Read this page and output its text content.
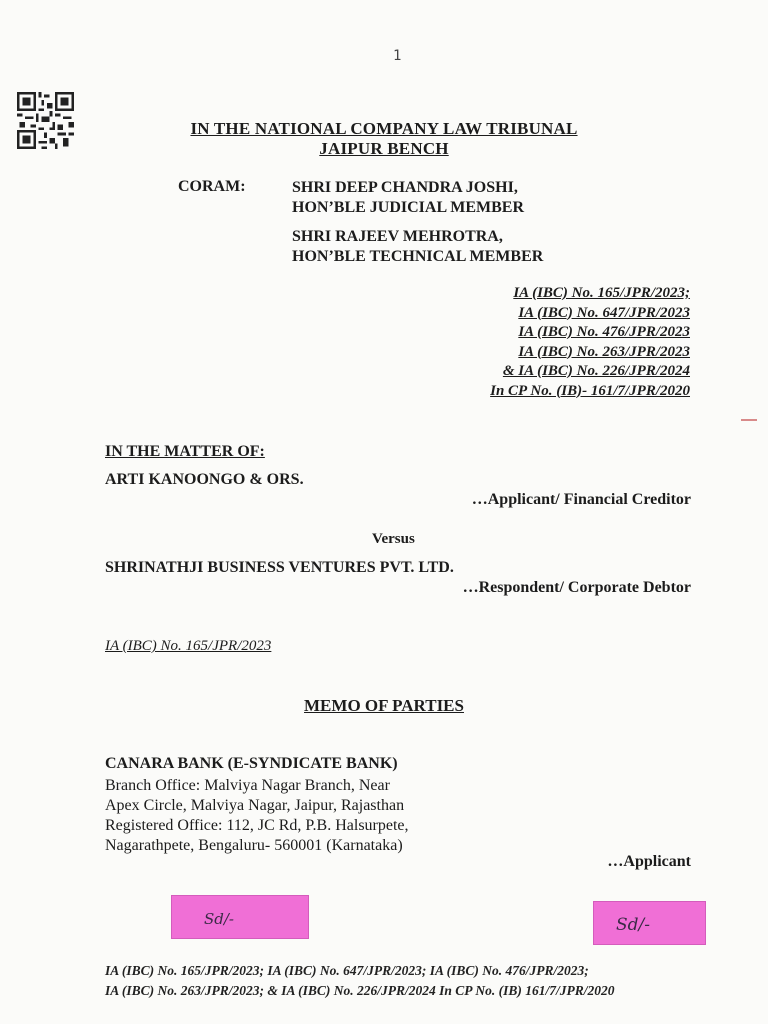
1
IN THE NATIONAL COMPANY LAW TRIBUNAL
JAIPUR BENCH
CORAM:	SHRI DEEP CHANDRA JOSHI,
HON’BLE JUDICIAL MEMBER
SHRI RAJEEV MEHROTRA,
HON’BLE TECHNICAL MEMBER
IA (IBC) No. 165/JPR/2023;
IA (IBC) No. 647/JPR/2023
IA (IBC) No. 476/JPR/2023
IA (IBC) No. 263/JPR/2023
& IA (IBC) No. 226/JPR/2024
In CP No. (IB)- 161/7/JPR/2020
IN THE MATTER OF:
ARTI KANOONGO & ORS.
…Applicant/ Financial Creditor
Versus
SHRINATHJI BUSINESS VENTURES PVT. LTD.
…Respondent/ Corporate Debtor
IA (IBC) No. 165/JPR/2023
MEMO OF PARTIES
CANARA BANK (E-SYNDICATE BANK)
Branch Office: Malviya Nagar Branch, Near
Apex Circle, Malviya Nagar, Jaipur, Rajasthan
Registered Office: 112, JC Rd, P.B. Halsurpete,
Nagarathpete, Bengaluru- 560001 (Karnataka)
…Applicant
Sd/-	Sd/-
IA (IBC) No. 165/JPR/2023; IA (IBC) No. 647/JPR/2023; IA (IBC) No. 476/JPR/2023;
IA (IBC) No. 263/JPR/2023; & IA (IBC) No. 226/JPR/2024 In CP No. (IB) 161/7/JPR/2020
